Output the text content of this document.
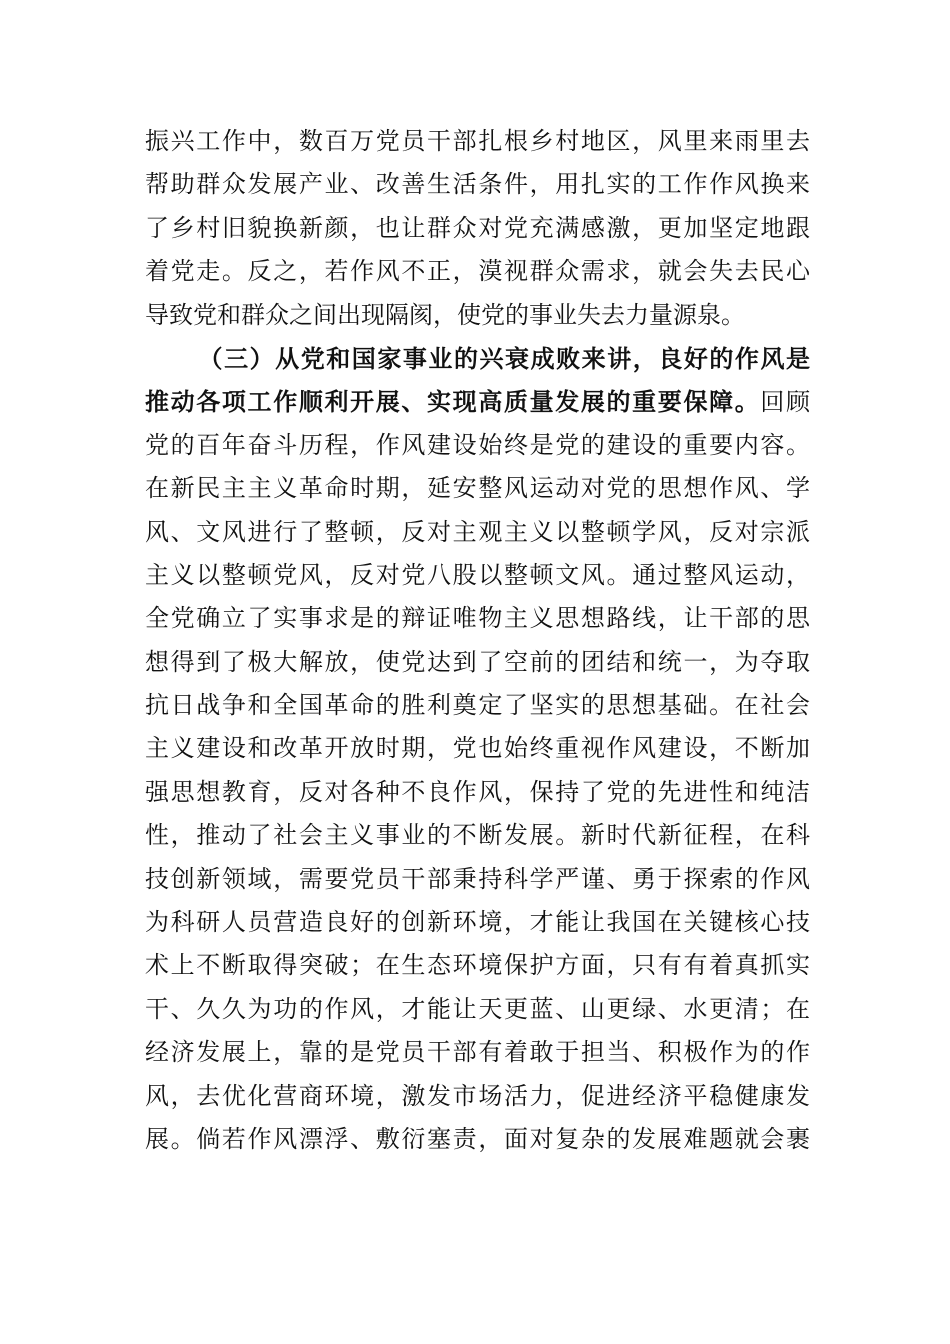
振兴工作中，数百万党员干部扎根乡村地区，风里来雨里去
帮助群众发展产业、改善生活条件，用扎实的工作作风换来
了乡村旧貌换新颜，也让群众对党充满感激，更加坚定地跟
着党走。反之，若作风不正，漠视群众需求，就会失去民心
导致党和群众之间出现隔阂，使党的事业失去力量源泉。
（三）从党和国家事业的兴衰成败来讲，良好的作风是
推动各项工作顺利开展、实现高质量发展的重要保障。回顾
党的百年奋斗历程，作风建设始终是党的建设的重要内容。
在新民主主义革命时期，延安整风运动对党的思想作风、学
风、文风进行了整顿，反对主观主义以整顿学风，反对宗派
主义以整顿党风，反对党八股以整顿文风。通过整风运动，
全党确立了实事求是的辩证唯物主义思想路线，让干部的思
想得到了极大解放，使党达到了空前的团结和统一，为夺取
抗日战争和全国革命的胜利奠定了坚实的思想基础。在社会
主义建设和改革开放时期，党也始终重视作风建设，不断加
强思想教育，反对各种不良作风，保持了党的先进性和纯洁
性，推动了社会主义事业的不断发展。新时代新征程，在科
技创新领域，需要党员干部秉持科学严谨、勇于探索的作风
为科研人员营造良好的创新环境，才能让我国在关键核心技
术上不断取得突破；在生态环境保护方面，只有有着真抓实
干、久久为功的作风，才能让天更蓝、山更绿、水更清；在
经济发展上，靠的是党员干部有着敢于担当、积极作为的作
风，去优化营商环境，激发市场活力，促进经济平稳健康发
展。倘若作风漂浮、敷衍塞责，面对复杂的发展难题就会裹
